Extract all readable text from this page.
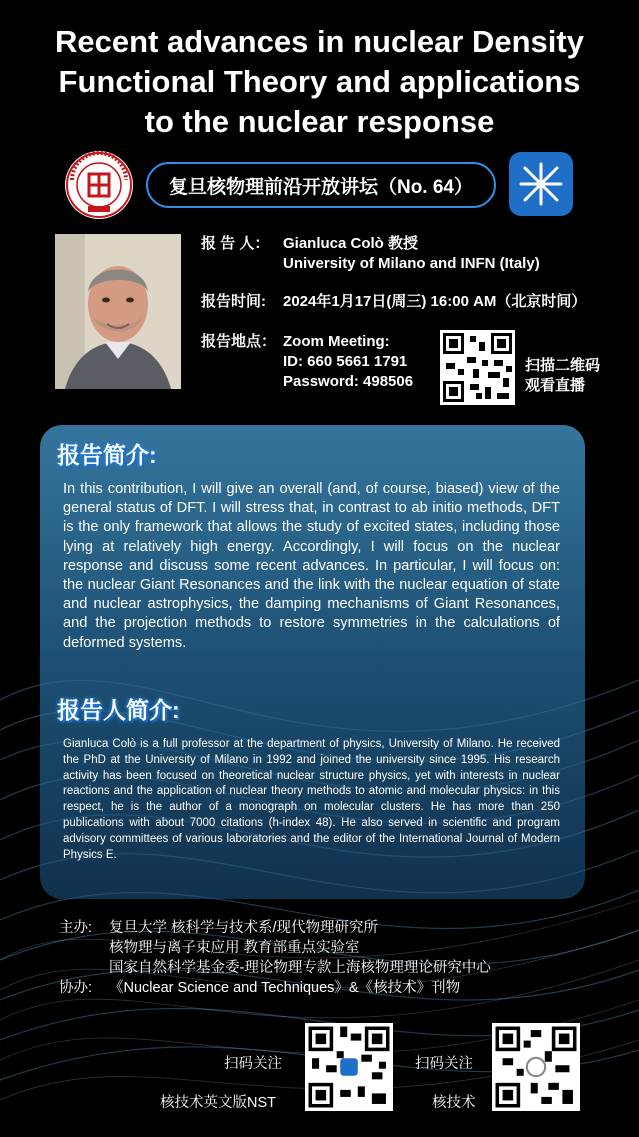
Recent advances in nuclear Density
Functional Theory and applications
to the nuclear response
复旦核物理前沿开放讲坛（No. 64）
报 告 人： Gianluca Colò 教授
University of Milano and INFN (Italy)
报告时间: 2024年1月17日(周三) 16:00 AM（北京时间）
报告地点： Zoom Meeting:
ID: 660 5661 1791
Password: 498506
扫描二维码
观看直播
报告简介:
In this contribution, I will give an overall (and, of course, biased) view of the general status of DFT. I will stress that, in contrast to ab initio methods, DFT is the only framework that allows the study of excited states, including those lying at relatively high energy. Accordingly, I will focus on the nuclear response and discuss some recent advances. In particular, I will focus on: the nuclear Giant Resonances and the link with the nuclear equation of state and nuclear astrophysics, the damping mechanisms of Giant Resonances, and the projection methods to restore symmetries in the calculations of deformed systems.
报告人简介:
Gianluca Colò is a full professor at the department of physics, University of Milano. He received the PhD at the University of Milano in 1992 and joined the university since 1995. His research activity has been focused on theoretical nuclear structure physics, yet with interests in nuclear reactions and the application of nuclear theory methods to atomic and molecular physics: in this respect, he is the author of a monograph on molecular clusters. He has more than 250 publications with about 7000 citations (h-index 48). He also served in scientific and program advisory committees of various laboratories and the editor of the International Journal of Modern Physics E.
主办: 复旦大学 核科学与技术系/现代物理研究所
核物理与离子束应用 教育部重点实验室
国家自然科学基金委-理论物理专款上海核物理理论研究中心
协办: 《Nuclear Science and Techniques》&《核技术》刊物
扫码关注
核技术英文版NST
扫码关注
核技术
